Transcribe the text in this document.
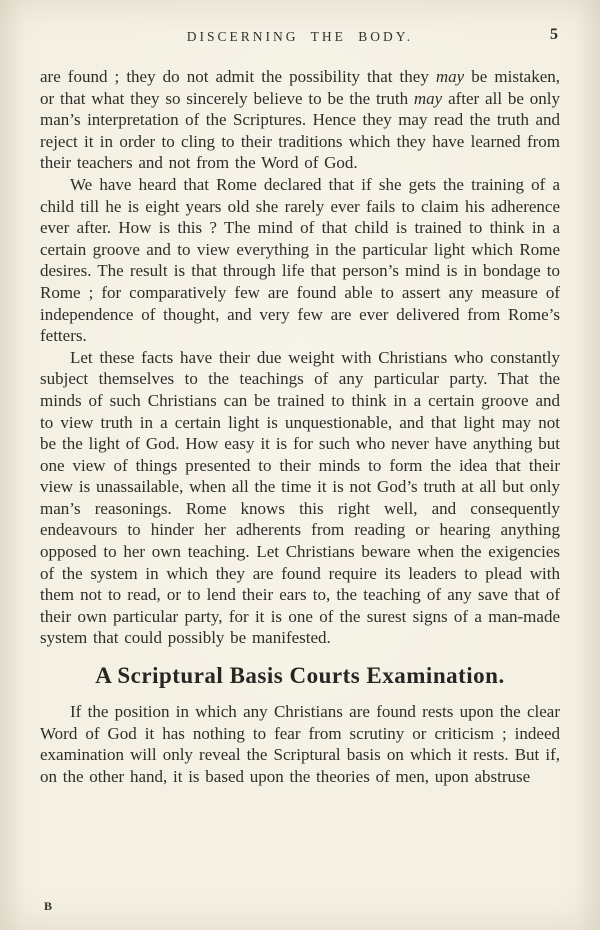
DISCERNING THE BODY.	5

are found ; they do not admit the possibility that they may be mistaken, or that what they so sincerely believe to be the truth may after all be only man’s interpretation of the Scriptures. Hence they may read the truth and reject it in order to cling to their traditions which they have learned from their teachers and not from the Word of God.

We have heard that Rome declared that if she gets the training of a child till he is eight years old she rarely ever fails to claim his adherence ever after. How is this ? The mind of that child is trained to think in a certain groove and to view everything in the particular light which Rome desires. The result is that through life that person’s mind is in bondage to Rome ; for comparatively few are found able to assert any measure of independence of thought, and very few are ever delivered from Rome’s fetters.

Let these facts have their due weight with Christians who constantly subject themselves to the teachings of any particular party. That the minds of such Christians can be trained to think in a certain groove and to view truth in a certain light is unquestionable, and that light may not be the light of God. How easy it is for such who never have anything but one view of things presented to their minds to form the idea that their view is unassailable, when all the time it is not God’s truth at all but only man’s reasonings. Rome knows this right well, and consequently endeavours to hinder her adherents from reading or hearing anything opposed to her own teaching. Let Christians beware when the exigencies of the system in which they are found require its leaders to plead with them not to read, or to lend their ears to, the teaching of any save that of their own particular party, for it is one of the surest signs of a man-made system that could possibly be manifested.

A Scriptural Basis Courts Examination.

If the position in which any Christians are found rests upon the clear Word of God it has nothing to fear from scrutiny or criticism ; indeed examination will only reveal the Scriptural basis on which it rests. But if, on the other hand, it is based upon the theories of men, upon abstruse

B
